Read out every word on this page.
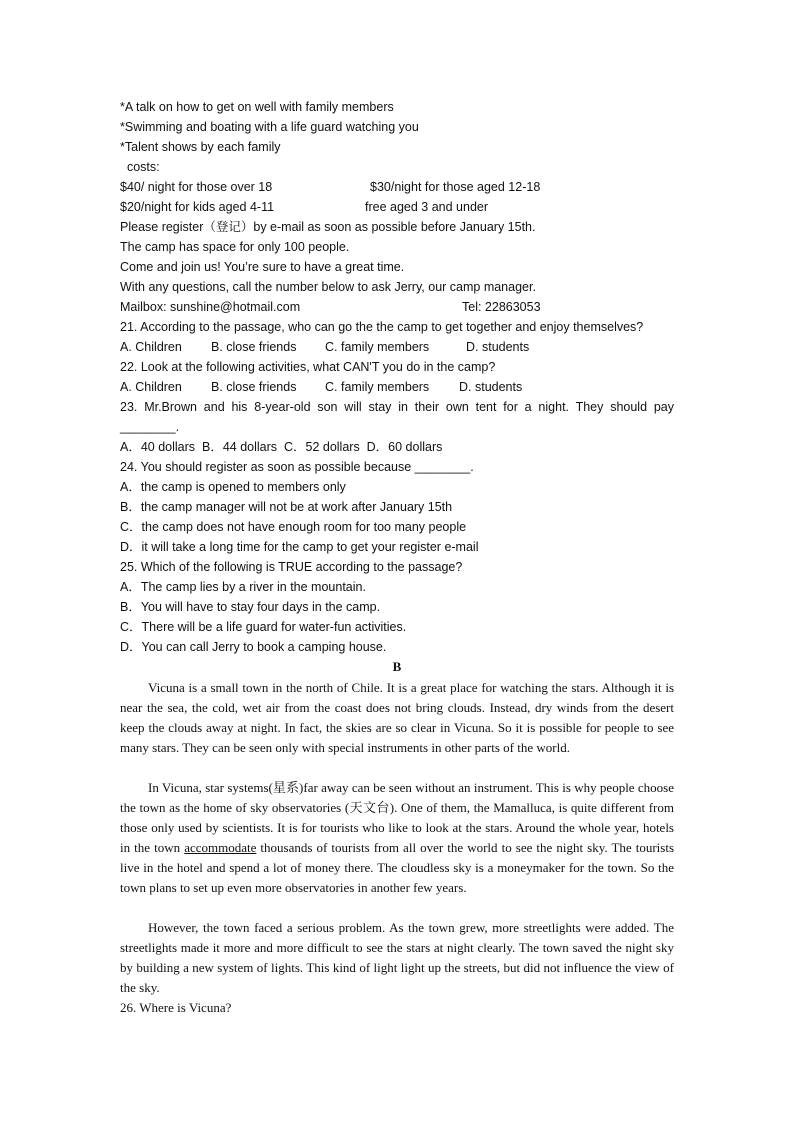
*A talk on how to get on well with family members
*Swimming and boating with a life guard watching you
*Talent shows by each family
costs:
$40/ night for those over 18	$30/night for those aged 12-18
$20/night for kids aged 4-11	free aged 3 and under
Please register（登记）by e-mail as soon as possible before January 15th.
The camp has space for only 100 people.
Come and join us! You’re sure to have a great time.
With any questions, call the number below to ask Jerry, our camp manager.
Mailbox: sunshine@hotmail.com	Tel: 22863053
21. According to the passage, who can go the the camp to get together and enjoy themselves?
A. Children B. close friends C. family members	D. students
22. Look at the following activities, what CAN'T you do in the camp?
A. Children B. close friends C. family members D. students
23. Mr.Brown and his 8-year-old son will stay in their own tent for a night. They should pay
________.
A．40 dollars  B．44 dollars  C．52 dollars  D．60 dollars
24. You should register as soon as possible because ________.
A．the camp is opened to members only
B．the camp manager will not be at work after January 15th
C．the camp does not have enough room for too many people
D．it will take a long time for the camp to get your register e-mail
25. Which of the following is TRUE according to the passage?
A．The camp lies by a river in the mountain.
B．You will have to stay four days in the camp.
C．There will be a life guard for water-fun activities.
D．You can call Jerry to book a camping house.
B
Vicuna is a small town in the north of Chile. It is a great place for watching the stars. Although it is near the sea, the cold, wet air from the coast does not bring clouds. Instead, dry winds from the desert keep the clouds away at night. In fact, the skies are so clear in Vicuna. So it is possible for people to see many stars. They can be seen only with special instruments in other parts of the world.
In Vicuna, star systems(星系)far away can be seen without an instrument. This is why people choose the town as the home of sky observatories (天文台). One of them, the Mamalluca, is quite different from those only used by scientists. It is for tourists who like to look at the stars. Around the whole year, hotels in the town accommodate thousands of tourists from all over the world to see the night sky. The tourists live in the hotel and spend a lot of money there. The cloudless sky is a moneymaker for the town. So the town plans to set up even more observatories in another few years.
However, the town faced a serious problem. As the town grew, more streetlights were added. The streetlights made it more and more difficult to see the stars at night clearly. The town saved the night sky by building a new system of lights. This kind of light light up the streets, but did not influence the view of the sky.
26. Where is Vicuna?
